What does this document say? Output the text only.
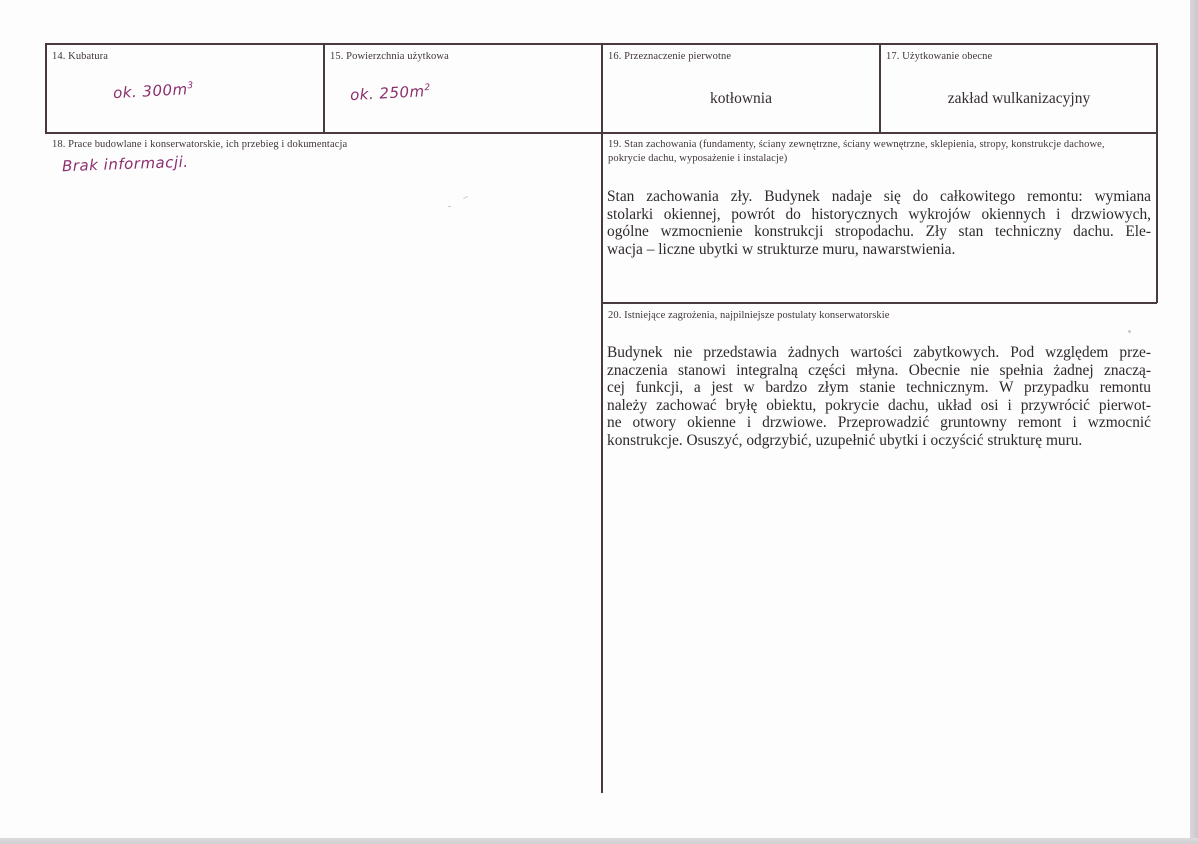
14. Kubatura
ok. $300m^3$
15. Powierzchnia użytkowa
ok. $250m^2$
16. Przeznaczenie pierwotne
kotłownia
17. Użytkowanie obecne
zakład wulkanizacyjny
18. Prace budowlane i konserwatorskie, ich przebieg i dokumentacja
Brak informacji.
19. Stan zachowania (fundamenty, ściany zewnętrzne, ściany wewnętrzne, sklepienia, stropy, konstrukcje dachowe,
pokrycie dachu, wyposażenie i instalacje)
Stan zachowania zły. Budynek nadaje się do całkowitego remontu: wymiana
stolarki okiennej, powrót do historycznych wykrojów okiennych i drzwiowych,
ogólne wzmocnienie konstrukcji stropodachu. Zły stan techniczny dachu. Ele-
wacja – liczne ubytki w strukturze muru, nawarstwienia.
20. Istniejące zagrożenia, najpilniejsze postulaty konserwatorskie
Budynek nie przedstawia żadnych wartości zabytkowych. Pod względem prze-
znaczenia stanowi integralną części młyna. Obecnie nie spełnia żadnej znaczą-
cej funkcji, a jest w bardzo złym stanie technicznym. W przypadku remontu
należy zachować bryłę obiektu, pokrycie dachu, układ osi i przywrócić pierwot-
ne otwory okienne i drzwiowe. Przeprowadzić gruntowny remont i wzmocnić
konstrukcje. Osuszyć, odgrzybić, uzupełnić ubytki i oczyścić strukturę muru.
